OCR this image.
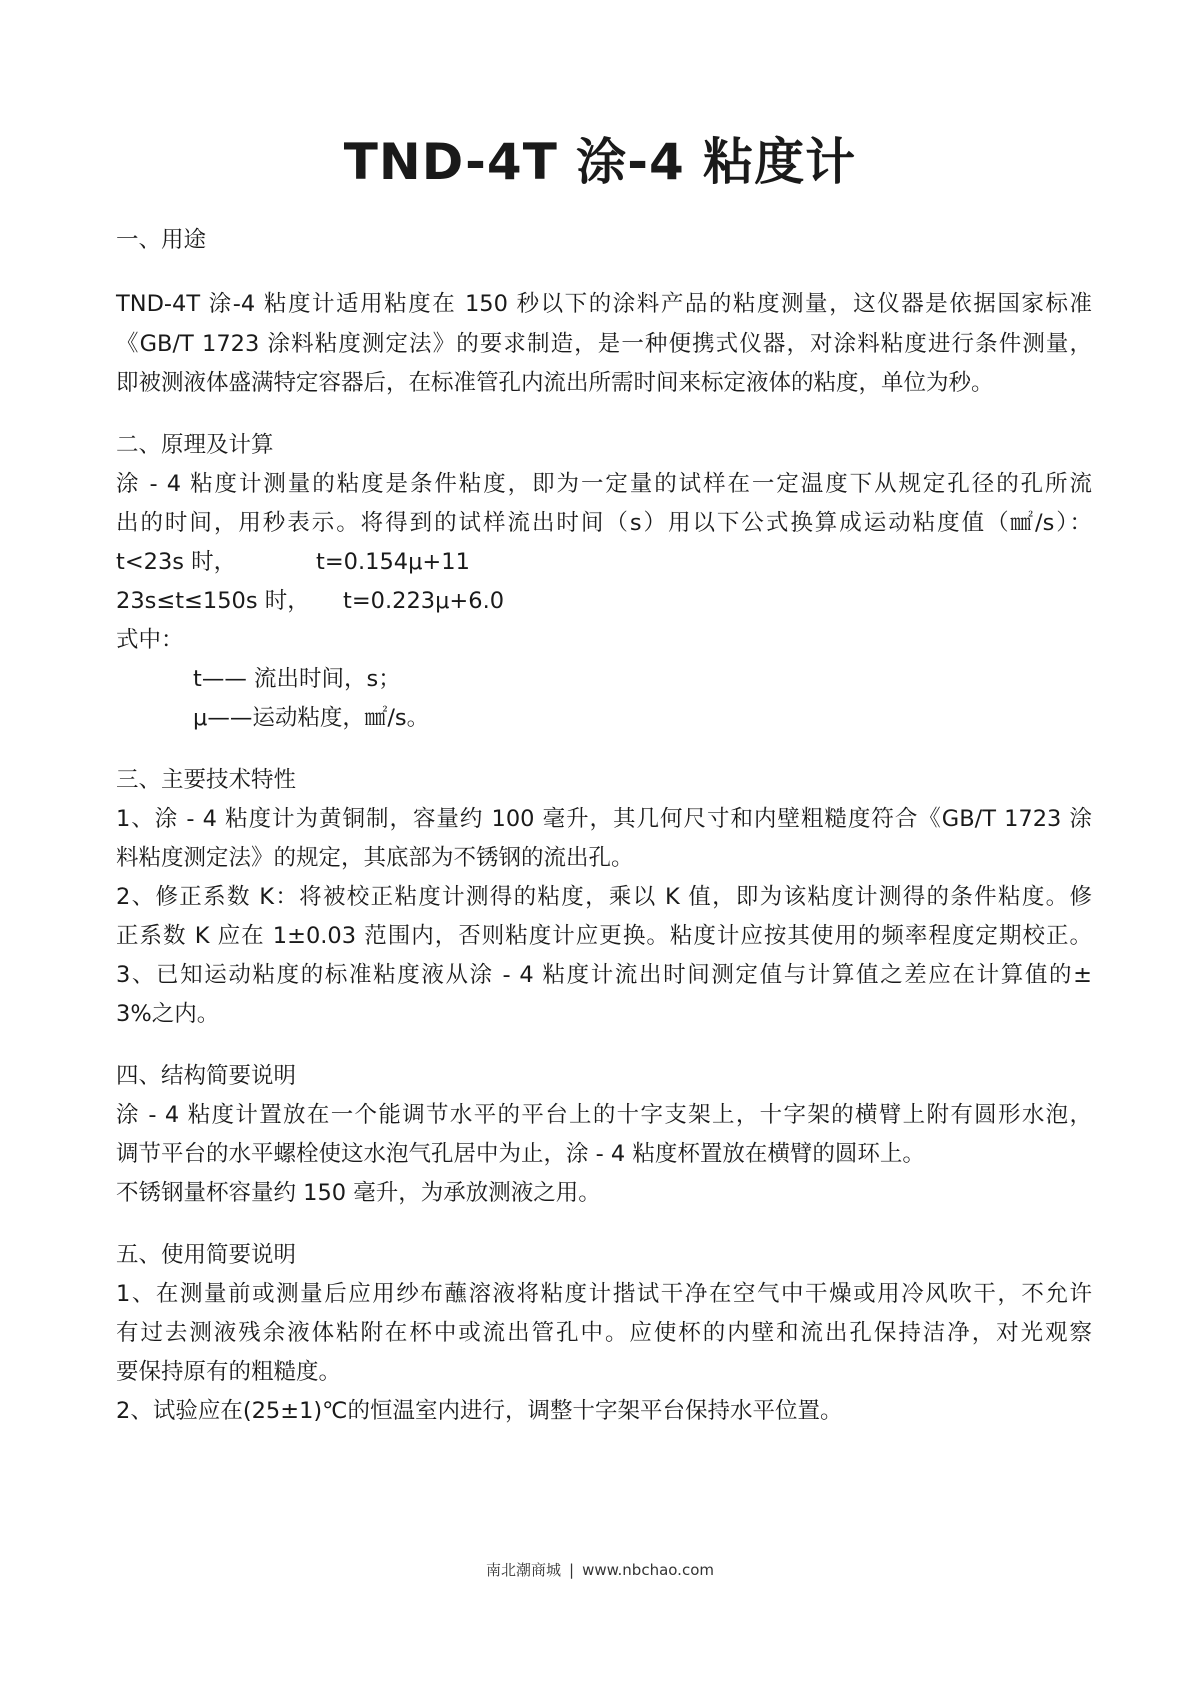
TND-4T 涂-4 粘度计

一、用途

TND-4T 涂-4 粘度计适用粘度在 150 秒以下的涂料产品的粘度测量，这仪器是依据国家标准

《GB/T 1723 涂料粘度测定法》的要求制造，是一种便携式仪器，对涂料粘度进行条件测量，

即被测液体盛满特定容器后，在标准管孔内流出所需时间来标定液体的粘度，单位为秒。

二、原理及计算

涂 - 4 粘度计测量的粘度是条件粘度，即为一定量的试样在一定温度下从规定孔径的孔所流

出的时间，用秒表示。将得到的试样流出时间（s）用以下公式换算成运动粘度值（㎟/s）：

t<23s 时，	t=0.154μ+11

23s≤t≤150s 时， t=0.223μ+6.0

式中：

t—— 流出时间，s；

μ——运动粘度，㎟/s。

三、主要技术特性

1、涂 - 4 粘度计为黄铜制，容量约 100 毫升，其几何尺寸和内壁粗糙度符合《GB/T 1723 涂

料粘度测定法》的规定，其底部为不锈钢的流出孔。

2、修正系数 K：将被校正粘度计测得的粘度，乘以 K 值，即为该粘度计测得的条件粘度。修

正系数 K 应在 1±0.03 范围内，否则粘度计应更换。粘度计应按其使用的频率程度定期校正。

3、已知运动粘度的标准粘度液从涂 - 4 粘度计流出时间测定值与计算值之差应在计算值的±

3%之内。

四、结构简要说明

涂 - 4 粘度计置放在一个能调节水平的平台上的十字支架上，十字架的横臂上附有圆形水泡，

调节平台的水平螺栓使这水泡气孔居中为止，涂 - 4 粘度杯置放在横臂的圆环上。

不锈钢量杯容量约 150 毫升，为承放测液之用。

五、使用简要说明

1、在测量前或测量后应用纱布蘸溶液将粘度计揩试干净在空气中干燥或用冷风吹干，不允许

有过去测液残余液体粘附在杯中或流出管孔中。应使杯的内壁和流出孔保持洁净，对光观察

要保持原有的粗糙度。

2、试验应在(25±1)℃的恒温室内进行，调整十字架平台保持水平位置。

南北潮商城 | www.nbchao.com
